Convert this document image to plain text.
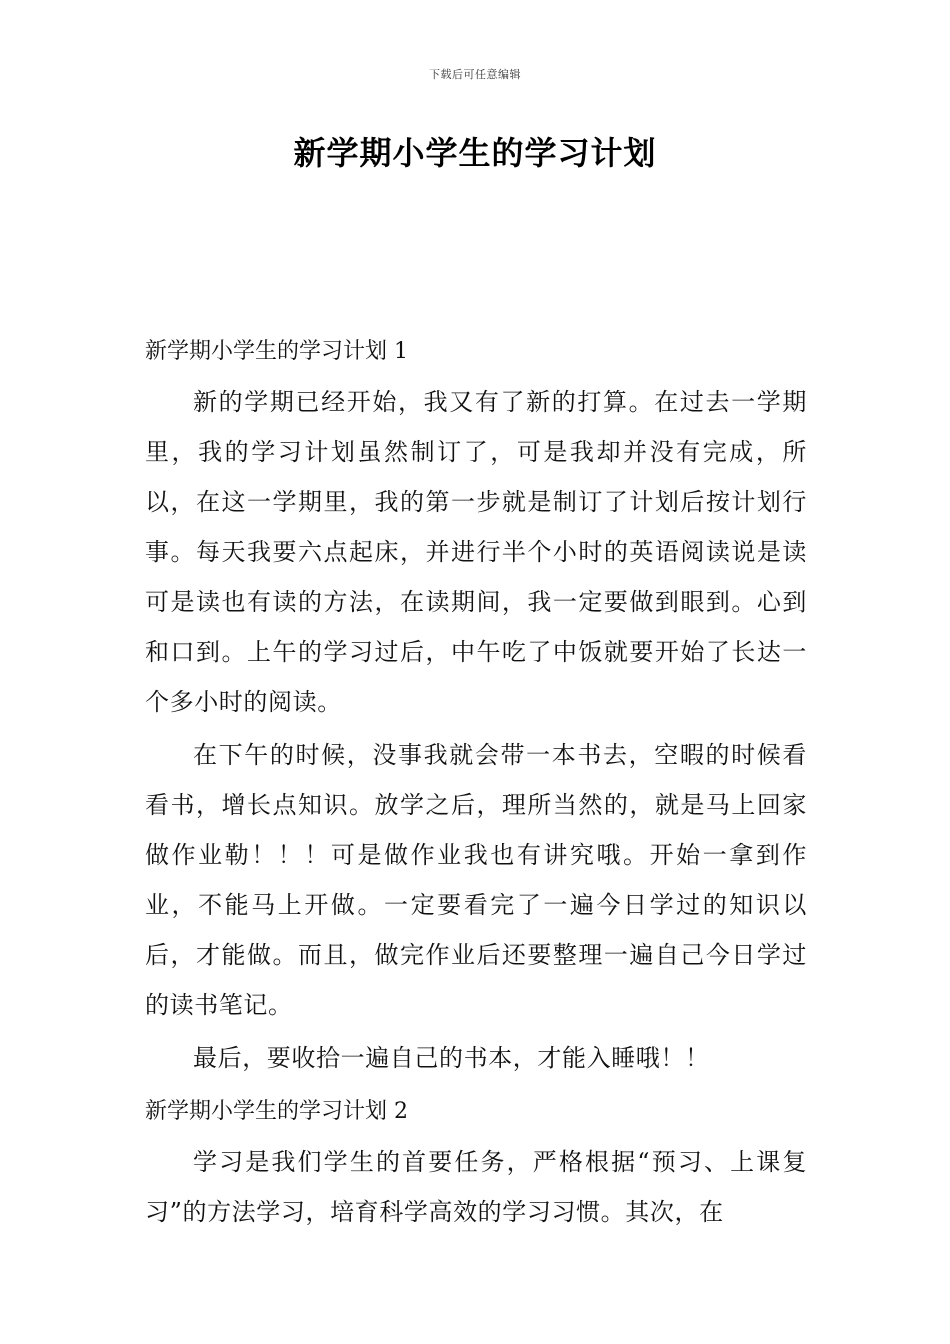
下载后可任意编辑
新学期小学生的学习计划
新学期小学生的学习计划 1

新的学期已经开始，我又有了新的打算。在过去一学期里，我的学习计划虽然制订了，可是我却并没有完成，所以，在这一学期里，我的第一步就是制订了计划后按计划行事。每天我要六点起床，并进行半个小时的英语阅读说是读可是读也有读的方法，在读期间，我一定要做到眼到。心到和口到。上午的学习过后，中午吃了中饭就要开始了长达一个多小时的阅读。

在下午的时候，没事我就会带一本书去，空暇的时候看看书，增长点知识。放学之后，理所当然的，就是马上回家做作业勒！！！可是做作业我也有讲究哦。开始一拿到作业，不能马上开做。一定要看完了一遍今日学过的知识以后，才能做。而且，做完作业后还要整理一遍自己今日学过的读书笔记。

最后，要收拾一遍自己的书本，才能入睡哦！！

新学期小学生的学习计划 2

学习是我们学生的首要任务，严格根据“预习、上课复习”的方法学习，培育科学高效的学习习惯。其次，在
